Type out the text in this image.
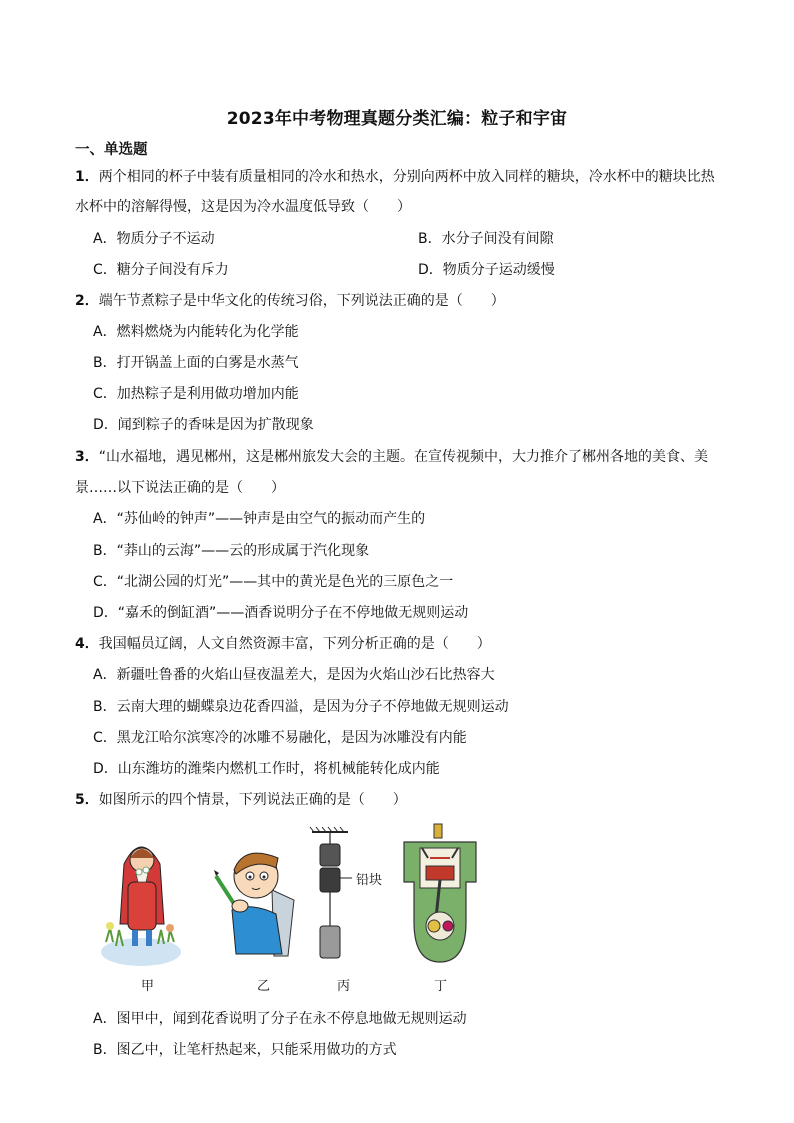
2023年中考物理真题分类汇编：粒子和宇宙
一、单选题
1．两个相同的杯子中装有质量相同的冷水和热水，分别向两杯中放入同样的糖块，冷水杯中的糖块比热
水杯中的溶解得慢，这是因为冷水温度低导致（　　）
A．物质分子不运动	B．水分子间没有间隙
C．糖分子间没有斥力	D．物质分子运动缓慢
2．端午节煮粽子是中华文化的传统习俗，下列说法正确的是（　　）
A．燃料燃烧为内能转化为化学能
B．打开锅盖上面的白雾是水蒸气
C．加热粽子是利用做功增加内能
D．闻到粽子的香味是因为扩散现象
3．“山水福地，遇见郴州，这是郴州旅发大会的主题。在宣传视频中，大力推介了郴州各地的美食、美
景……以下说法正确的是（　　）
A．“苏仙岭的钟声”——钟声是由空气的振动而产生的
B．“莽山的云海”——云的形成属于汽化现象
C．“北湖公园的灯光”——其中的黄光是色光的三原色之一
D．“嘉禾的倒缸酒”——酒香说明分子在不停地做无规则运动
4．我国幅员辽阔，人文自然资源丰富，下列分析正确的是（　　）
A．新疆吐鲁番的火焰山昼夜温差大，是因为火焰山沙石比热容大
B．云南大理的蝴蝶泉边花香四溢，是因为分子不停地做无规则运动
C．黑龙江哈尔滨寒冷的冰雕不易融化，是因为冰雕没有内能
D．山东潍坊的潍柴内燃机工作时，将机械能转化成内能
5．如图所示的四个情景，下列说法正确的是（　　）
铅块
甲	乙	丙	丁
A．图甲中，闻到花香说明了分子在永不停息地做无规则运动
B．图乙中，让笔杆热起来，只能采用做功的方式
